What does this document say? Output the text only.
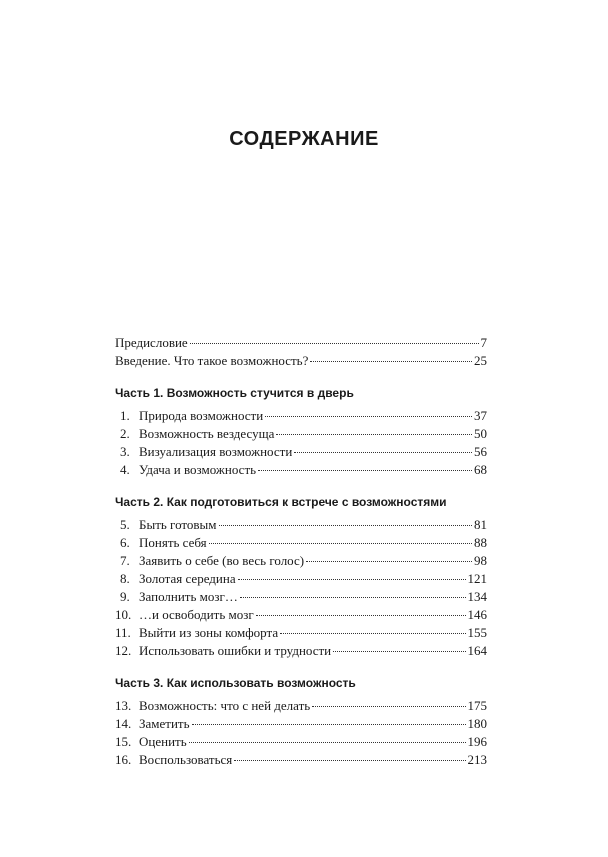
СОДЕРЖАНИЕ
Предисловие	7
Введение. Что такое возможность?	25
Часть 1. Возможность стучится в дверь
1. Природа возможности	37
2. Возможность вездесуща	50
3. Визуализация возможности	56
4. Удача и возможность	68
Часть 2. Как подготовиться к встрече с возможностями
5. Быть готовым	81
6. Понять себя	88
7. Заявить о себе (во весь голос)	98
8. Золотая середина	121
9. Заполнить мозг…	134
10. …и освободить мозг	146
11. Выйти из зоны комфорта	155
12. Использовать ошибки и трудности	164
Часть 3. Как использовать возможность
13. Возможность: что с ней делать	175
14. Заметить	180
15. Оценить	196
16. Воспользоваться	213
